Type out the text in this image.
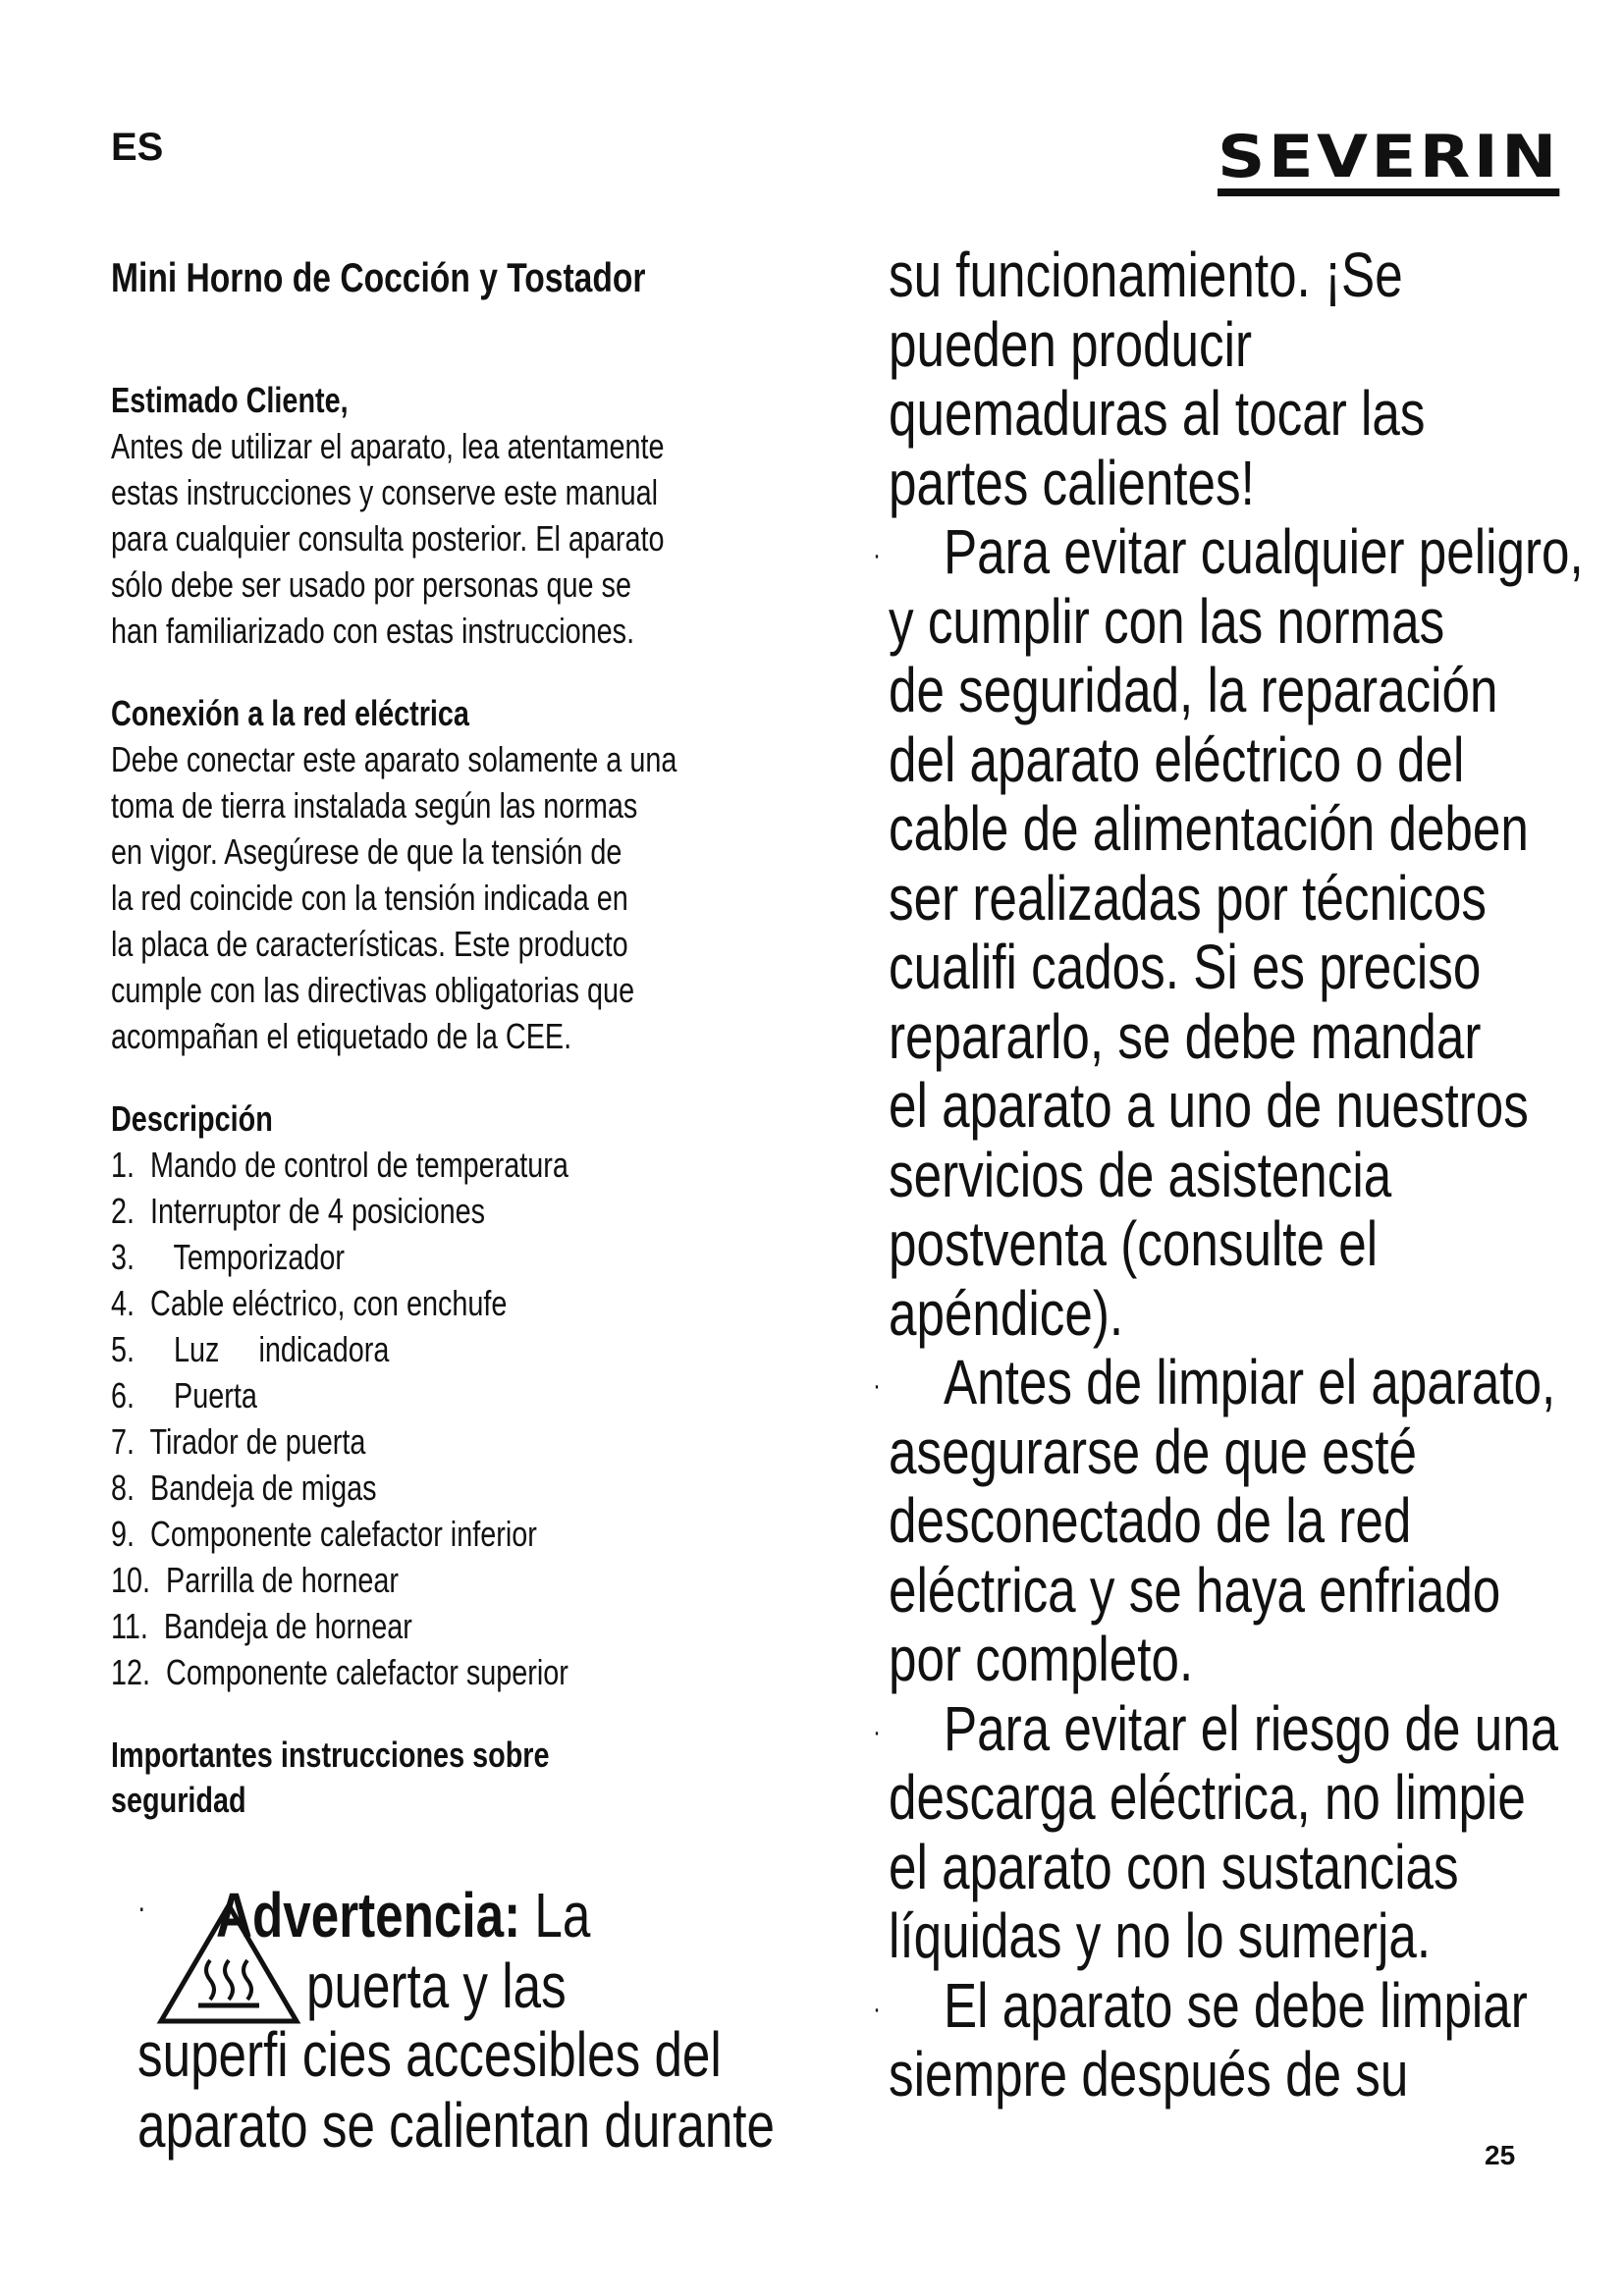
ES	SEVERIN
Mini Horno de Cocción y Tostador
Estimado Cliente,
Antes de utilizar el aparato, lea atentamente
estas instrucciones y conserve este manual
para cualquier consulta posterior. El aparato
sólo debe ser usado por personas que se
han familiarizado con estas instrucciones.
Conexión a la red eléctrica
Debe conectar este aparato solamente a una
toma de tierra instalada según las normas
en vigor. Asegúrese de que la tensión de
la red coincide con la tensión indicada en
la placa de características. Este producto
cumple con las directivas obligatorias que
acompañan el etiquetado de la CEE.
Descripción
1.  Mando de control de temperatura
2.  Interruptor de 4 posiciones
3.     Temporizador
4.  Cable eléctrico, con enchufe
5.     Luz     indicadora
6.     Puerta
7.  Tirador de puerta
8.  Bandeja de migas
9.  Componente calefactor inferior
10.  Parrilla de hornear
11.  Bandeja de hornear
12.  Componente calefactor superior
Importantes instrucciones sobre
seguridad
· Advertencia: La
puerta y las
superfi cies accesibles del
aparato se calientan durante
su funcionamiento. ¡Se
pueden producir
quemaduras al tocar las
partes calientes!
·	Para evitar cualquier peligro,
y cumplir con las normas
de seguridad, la reparación
del aparato eléctrico o del
cable de alimentación deben
ser realizadas por técnicos
cualifi cados. Si es preciso
repararlo, se debe mandar
el aparato a uno de nuestros
servicios de asistencia
postventa (consulte el
apéndice).
·	Antes de limpiar el aparato,
asegurarse de que esté
desconectado de la red
eléctrica y se haya enfriado
por completo.
·	Para evitar el riesgo de una
descarga eléctrica, no limpie
el aparato con sustancias
líquidas y no lo sumerja.
·	El aparato se debe limpiar
siempre después de su
25
